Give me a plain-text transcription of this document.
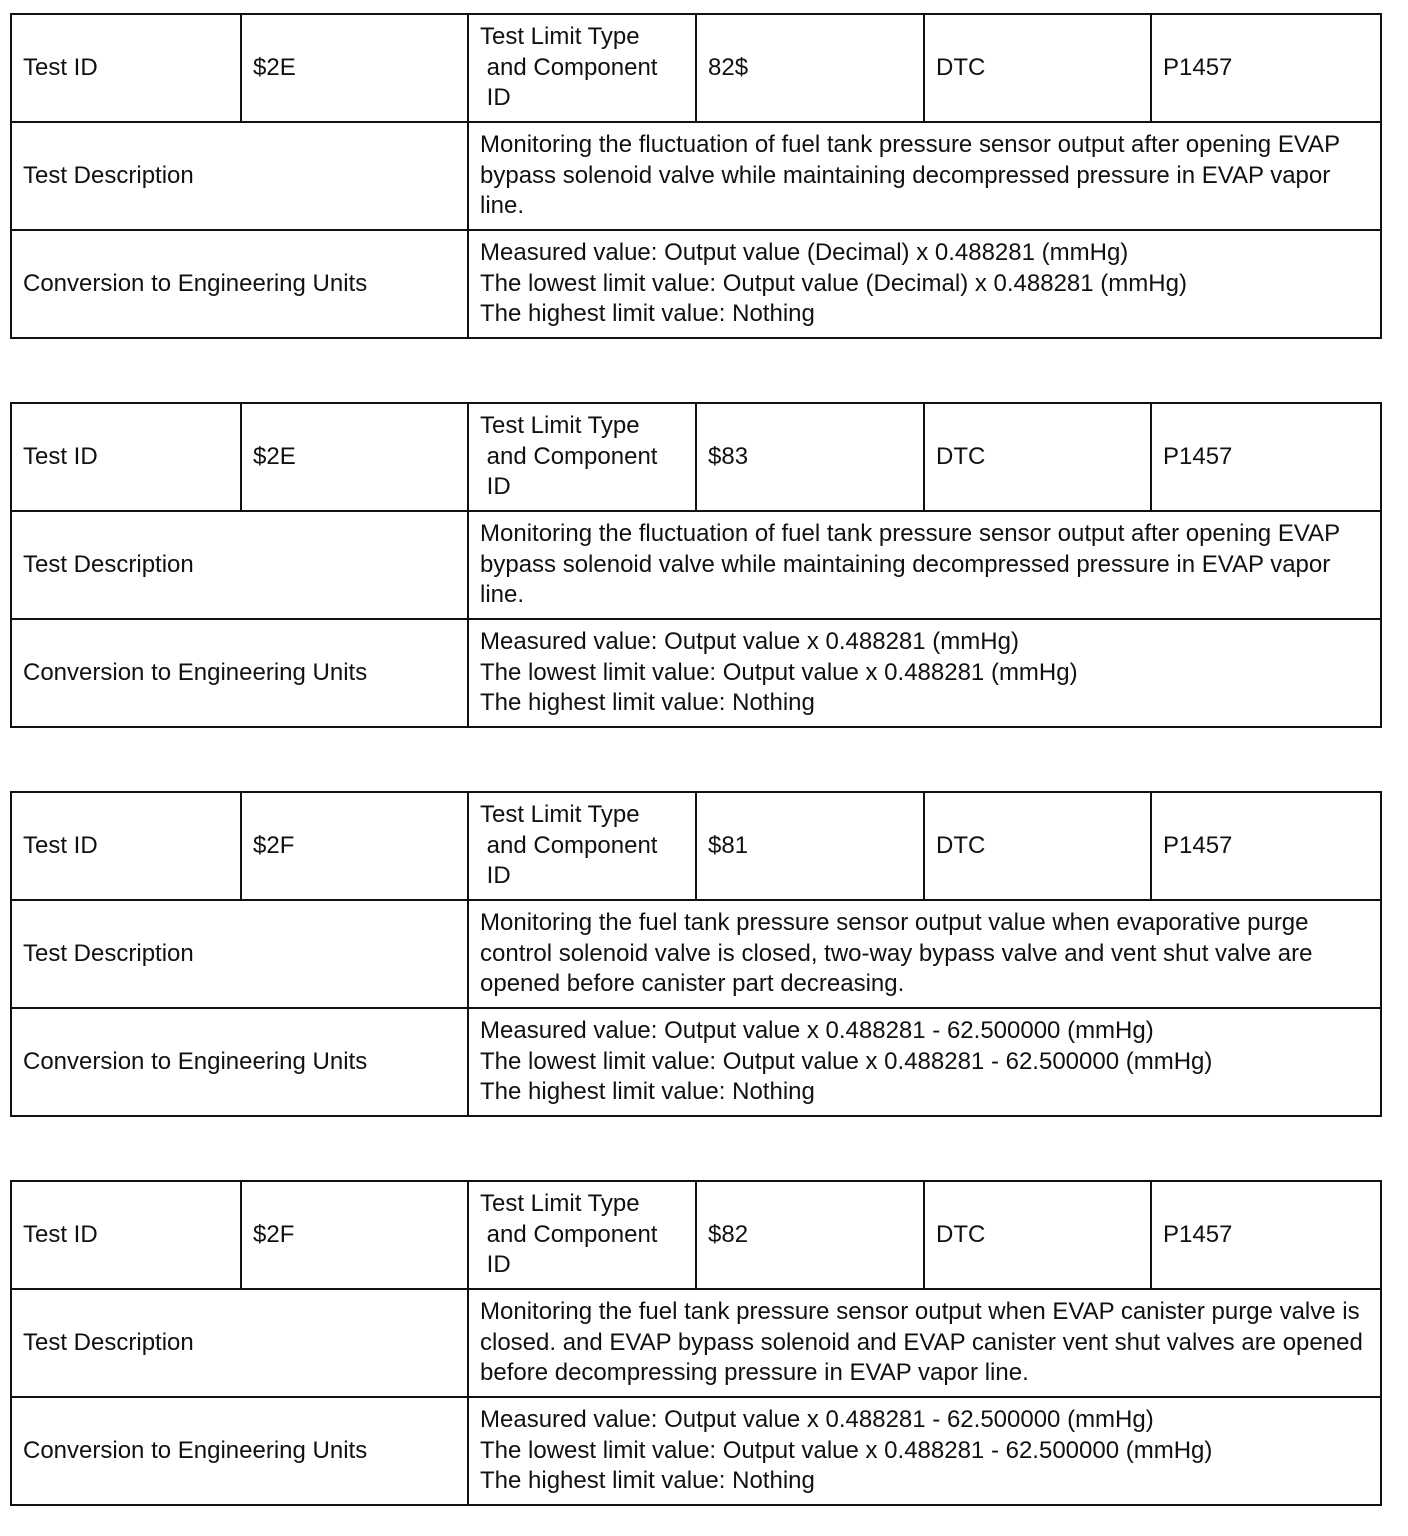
Test ID	$2E	Test Limit Type
and Component
ID	82$	DTC	P1457
Test Description		Monitoring the fluctuation of fuel tank pressure sensor output after opening EVAP bypass solenoid valve while maintaining decompressed pressure in EVAP vapor line.			
Conversion to Engineering Units		Measured value: Output value (Decimal) x 0.488281 (mmHg)
The lowest limit value: Output value (Decimal) x 0.488281 (mmHg)
The highest limit value: Nothing			
Test ID	$2E	Test Limit Type
and Component
ID	$83	DTC	P1457
Test Description		Monitoring the fluctuation of fuel tank pressure sensor output after opening EVAP bypass solenoid valve while maintaining decompressed pressure in EVAP vapor line.			
Conversion to Engineering Units		Measured value: Output value x 0.488281 (mmHg)
The lowest limit value: Output value x 0.488281 (mmHg)
The highest limit value: Nothing			
Test ID	$2F	Test Limit Type
and Component
ID	$81	DTC	P1457
Test Description		Monitoring the fuel tank pressure sensor output value when evaporative purge control solenoid valve is closed, two-way bypass valve and vent shut valve are opened before canister part decreasing.			
Conversion to Engineering Units		Measured value: Output value x 0.488281 - 62.500000 (mmHg)
The lowest limit value: Output value x 0.488281 - 62.500000 (mmHg)
The highest limit value: Nothing			
Test ID	$2F	Test Limit Type
and Component
ID	$82	DTC	P1457
Test Description		Monitoring the fuel tank pressure sensor output when EVAP canister purge valve is closed. and EVAP bypass solenoid and EVAP canister vent shut valves are opened before decompressing pressure in EVAP vapor line.			
Conversion to Engineering Units		Measured value: Output value x 0.488281 - 62.500000 (mmHg)
The lowest limit value: Output value x 0.488281 - 62.500000 (mmHg)
The highest limit value: Nothing			
